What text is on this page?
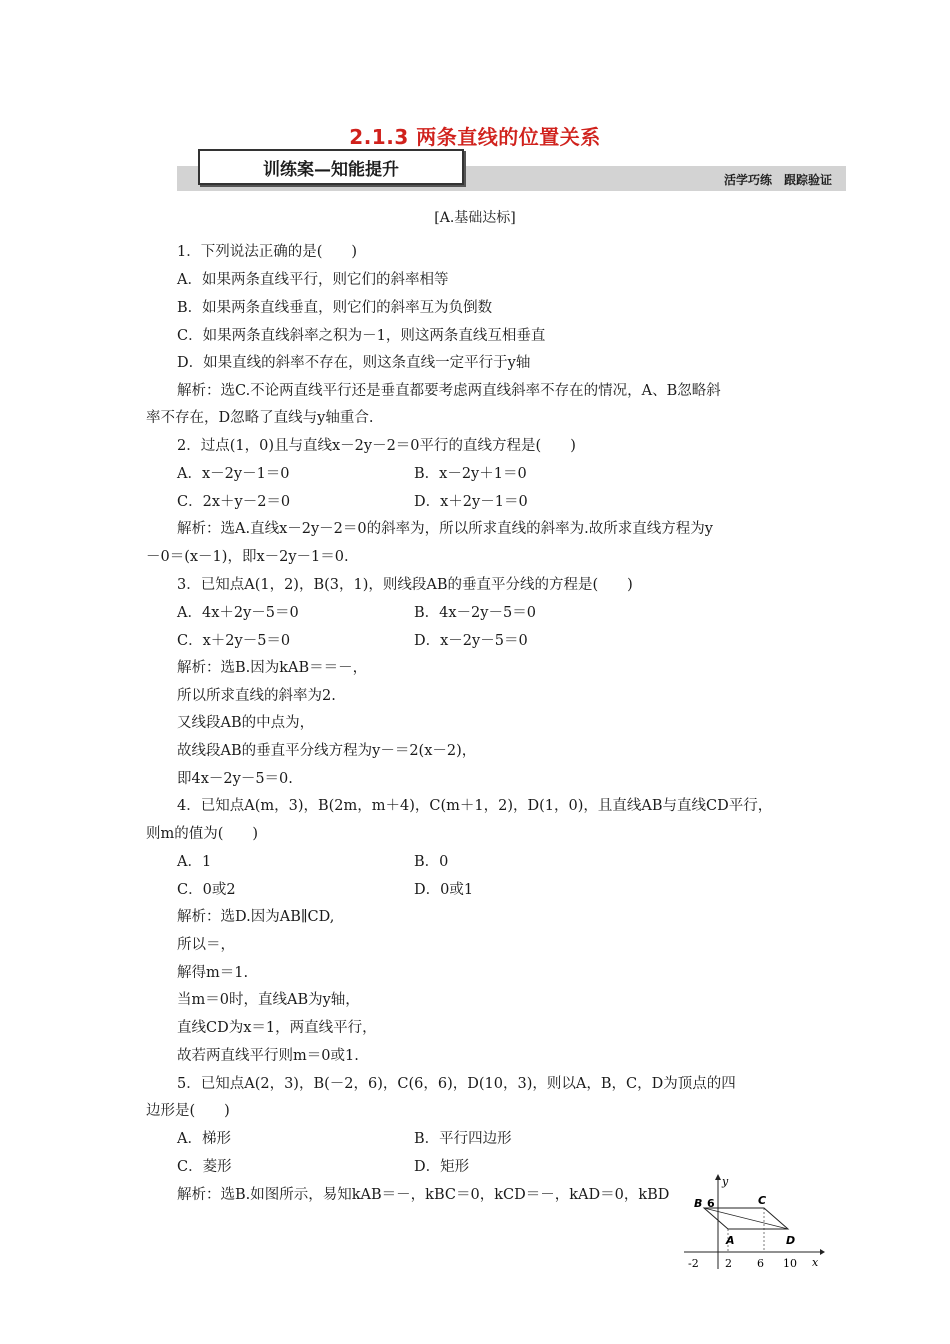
2.1.3 两条直线的位置关系
训练案—知能提升
活学巧练　跟踪验证
[A.基础达标]
1．下列说法正确的是(　　)
A．如果两条直线平行，则它们的斜率相等
B．如果两条直线垂直，则它们的斜率互为负倒数
C．如果两条直线斜率之积为－1，则这两条直线互相垂直
D．如果直线的斜率不存在，则这条直线一定平行于y轴
解析：选C.不论两直线平行还是垂直都要考虑两直线斜率不存在的情况，A、B忽略斜
率不存在，D忽略了直线与y轴重合.
2．过点(1，0)且与直线x－2y－2＝0平行的直线方程是(　　)
A．x－2y－1＝0	B．x－2y＋1＝0
C．2x＋y－2＝0	D．x＋2y－1＝0
解析：选A.直线x－2y－2＝0的斜率为，所以所求直线的斜率为.故所求直线方程为y
－0＝(x－1)，即x－2y－1＝0.
3．已知点A(1，2)，B(3，1)，则线段AB的垂直平分线的方程是(　　)
A．4x＋2y－5＝0	B．4x－2y－5＝0
C．x＋2y－5＝0	D．x－2y－5＝0
解析：选B.因为kAB＝＝－，
所以所求直线的斜率为2.
又线段AB的中点为，
故线段AB的垂直平分线方程为y－＝2(x－2)，
即4x－2y－5＝0.
4．已知点A(m，3)，B(2m，m＋4)，C(m＋1，2)，D(1，0)，且直线AB与直线CD平行，
则m的值为(　　)
A．1	B．0
C．0或2	D．0或1
解析：选D.因为AB∥CD,
所以＝，
解得m＝1.
当m＝0时，直线AB为y轴，
直线CD为x＝1，两直线平行，
故若两直线平行则m＝0或1.
5．已知点A(2，3)，B(－2，6)，C(6，6)，D(10，3)，则以A，B，C，D为顶点的四
边形是(　　)
A．梯形	B．平行四边形
C．菱形	D．矩形
解析：选B.如图所示，易知kAB＝－，kBC＝0，kCD＝－，kAD＝0，kBD
y
x
-2 2 6 10
6
B	C
A	D
